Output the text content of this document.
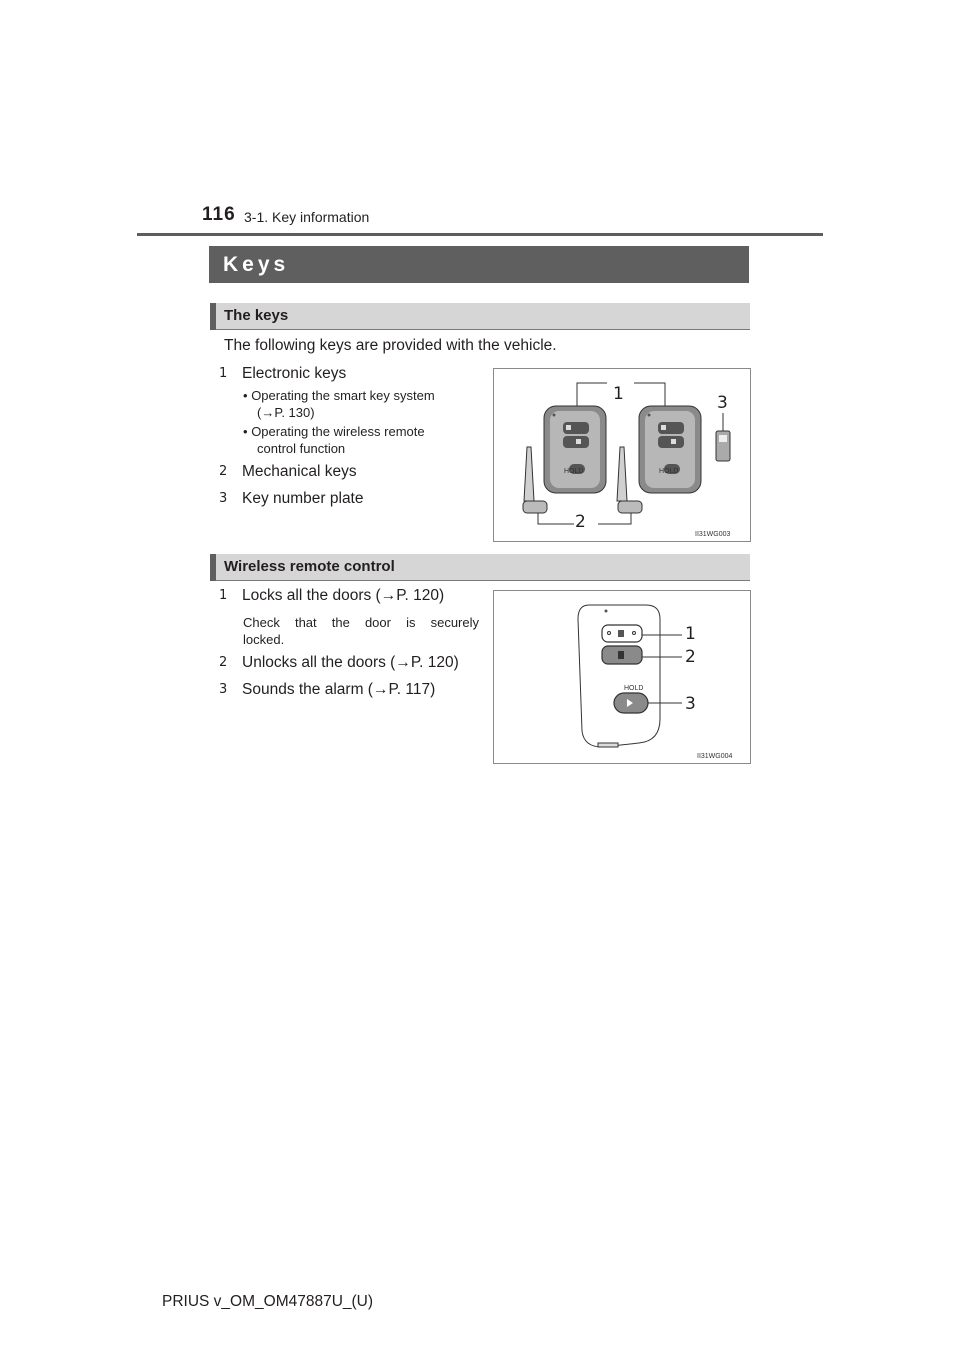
116 3-1. Key information
Keys
The keys
The following keys are provided with the vehicle.
1 Electronic keys
• Operating the smart key system
(→P. 130)
• Operating the wireless remote
control function
2 Mechanical keys
3 Key number plate
HOLD	HOLD
1
2
3
II31WG003
Wireless remote control
1 Locks all the doors (→P. 120)
Check that the door is securely
locked.
2 Unlocks all the doors (→P. 120)
3 Sounds the alarm (→P. 117)	HOLD
1
2
3
II31WG004
PRIUS v_OM_OM47887U_(U)
